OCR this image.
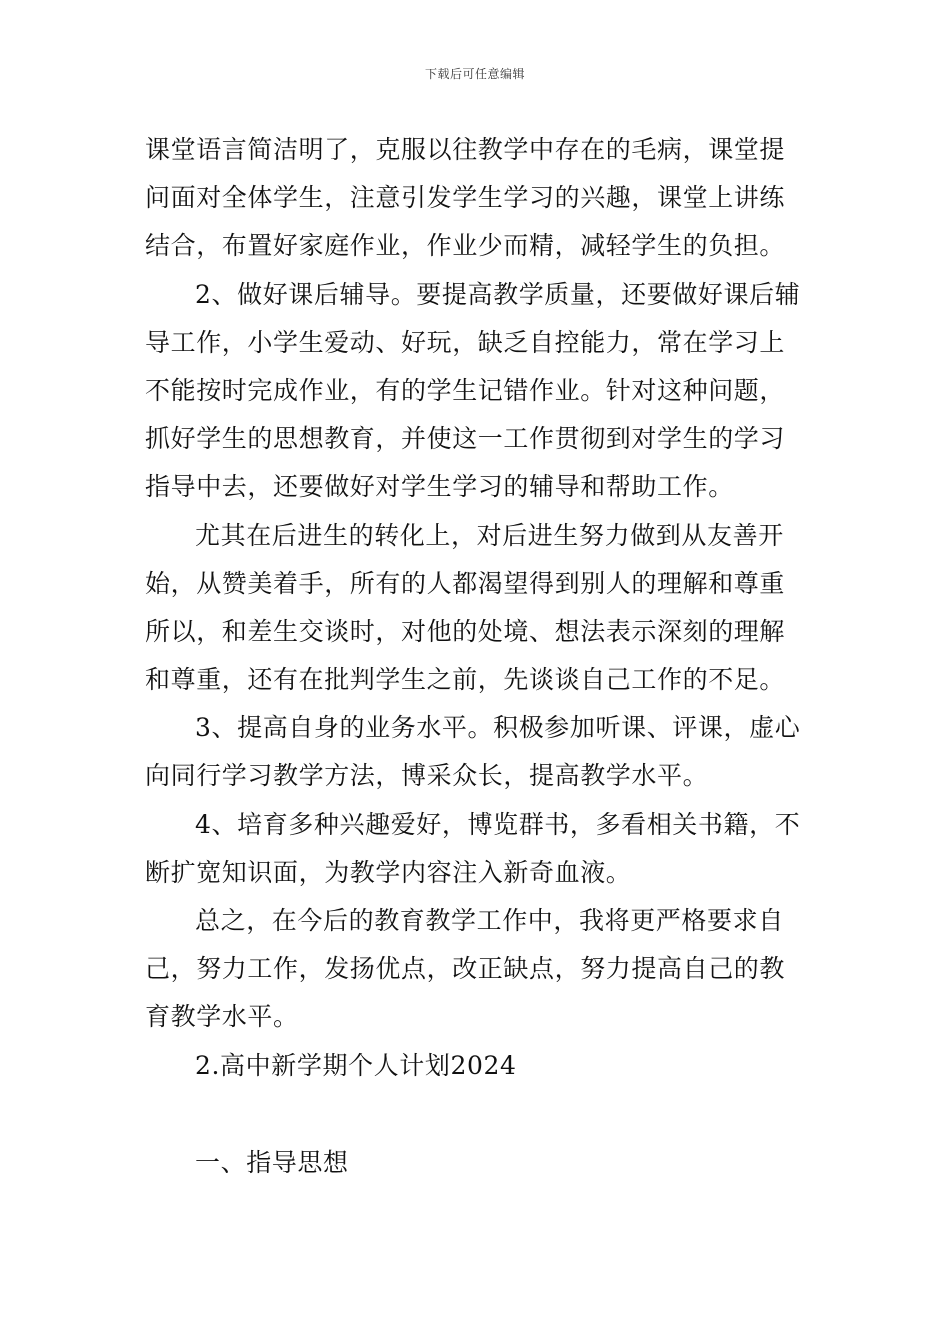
下载后可任意编辑
课堂语言简洁明了，克服以往教学中存在的毛病，课堂提
问面对全体学生，注意引发学生学习的兴趣，课堂上讲练
结合，布置好家庭作业，作业少而精，减轻学生的负担。
2、做好课后辅导。要提高教学质量，还要做好课后辅
导工作，小学生爱动、好玩，缺乏自控能力，常在学习上
不能按时完成作业，有的学生记错作业。针对这种问题，
抓好学生的思想教育，并使这一工作贯彻到对学生的学习
指导中去，还要做好对学生学习的辅导和帮助工作。
尤其在后进生的转化上，对后进生努力做到从友善开
始，从赞美着手，所有的人都渴望得到别人的理解和尊重
所以，和差生交谈时，对他的处境、想法表示深刻的理解
和尊重，还有在批判学生之前，先谈谈自己工作的不足。
3、提高自身的业务水平。积极参加听课、评课，虚心
向同行学习教学方法，博采众长，提高教学水平。
4、培育多种兴趣爱好，博览群书，多看相关书籍，不
断扩宽知识面，为教学内容注入新奇血液。
总之，在今后的教育教学工作中，我将更严格要求自
己，努力工作，发扬优点，改正缺点，努力提高自己的教
育教学水平。
2.高中新学期个人计划2024
一、指导思想
